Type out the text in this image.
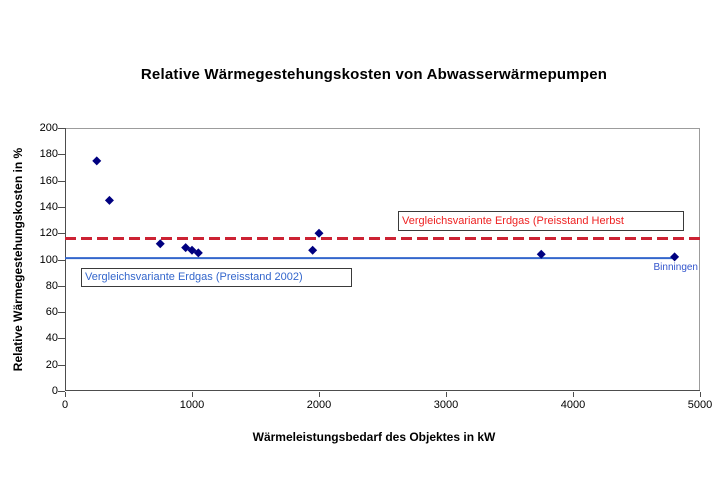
Relative Wärmegestehungskosten von Abwasserwärmepumpen
Relative Wärmegestehungskosten in %
Wärmeleistungsbedarf des Objektes in kW
Vergleichsvariante Erdgas (Preisstand Herbst
Vergleichsvariante Erdgas (Preisstand 2002)
Binningen
0
20
40
60
80
100
120
140
160
180
200
0	1000	2000	3000	4000	5000
